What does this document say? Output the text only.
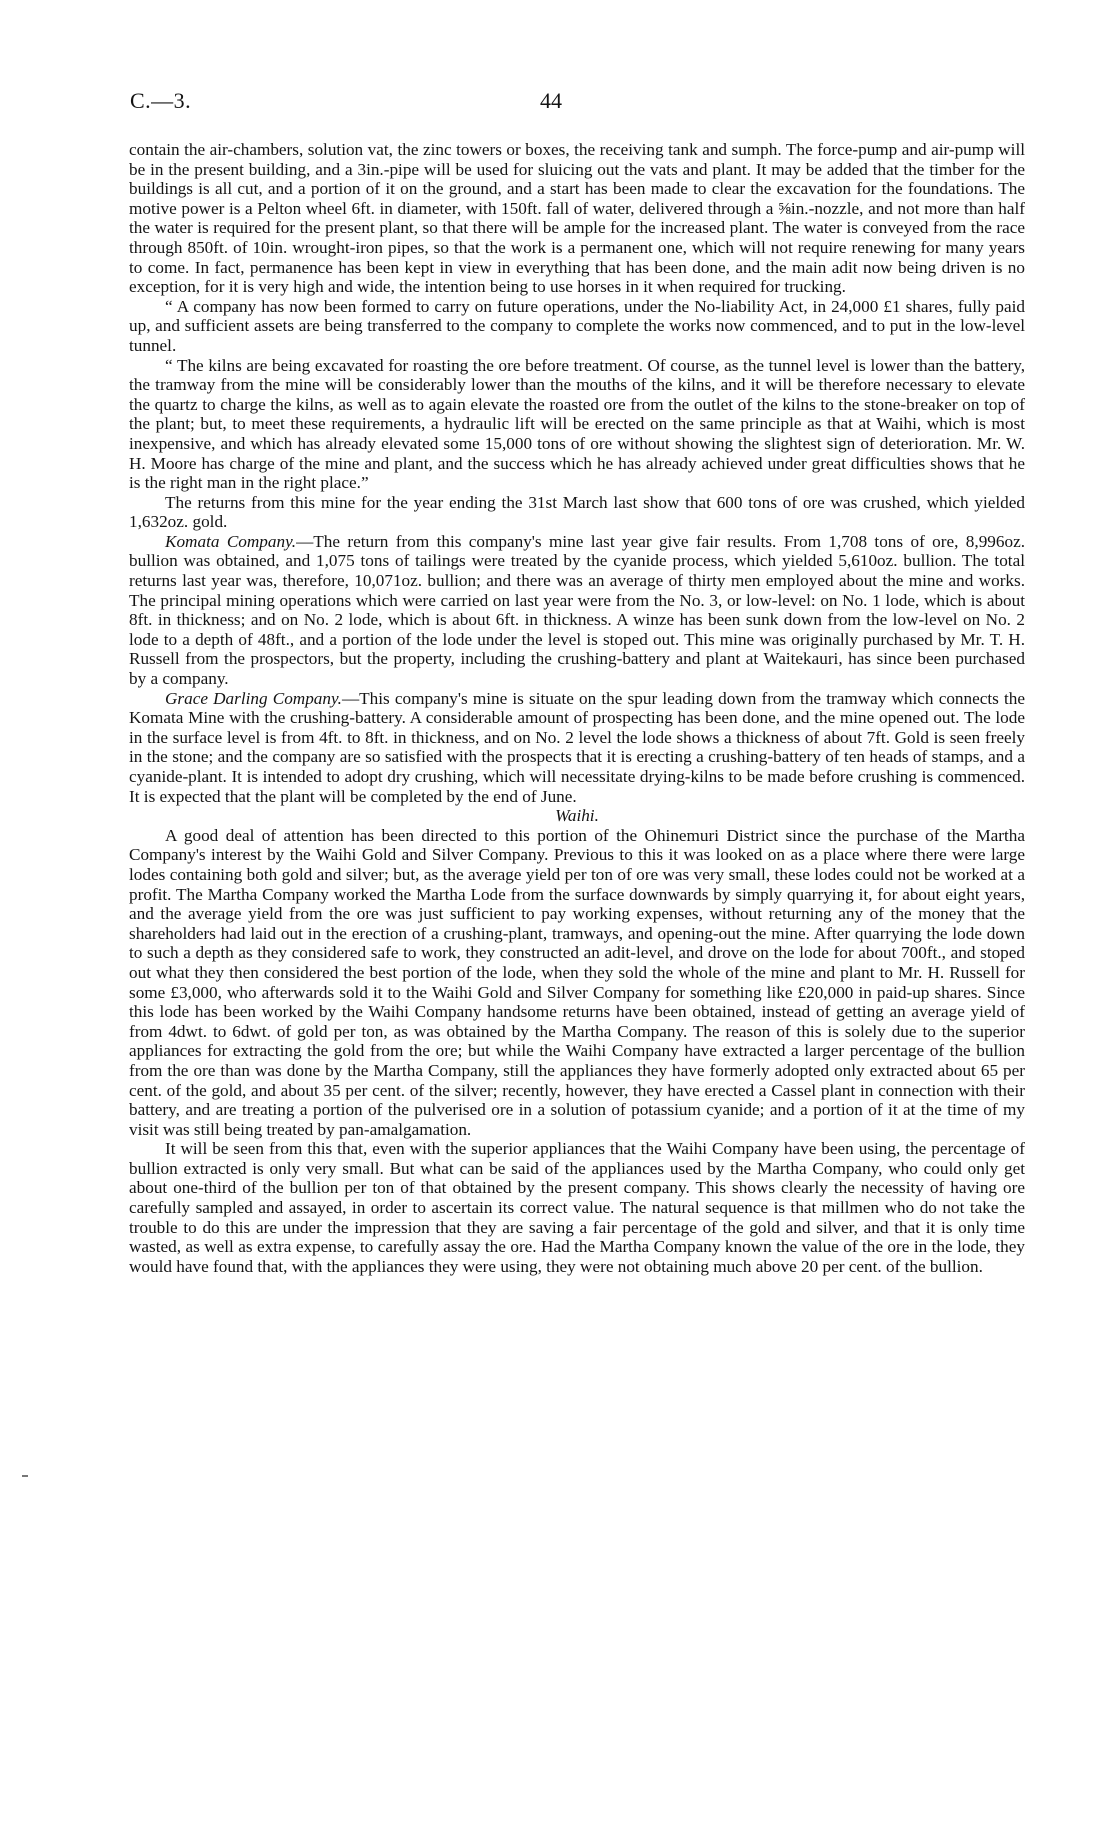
C.—3.	44

contain the air-chambers, solution vat, the zinc towers or boxes, the receiving tank and sumph. The force-pump and air-pump will be in the present building, and a 3in.-pipe will be used for sluicing out the vats and plant. It may be added that the timber for the buildings is all cut, and a portion of it on the ground, and a start has been made to clear the excavation for the foundations. The motive power is a Pelton wheel 6ft. in diameter, with 150ft. fall of water, delivered through a ⅝in.-nozzle, and not more than half the water is required for the present plant, so that there will be ample for the increased plant. The water is conveyed from the race through 850ft. of 10in. wrought-iron pipes, so that the work is a permanent one, which will not require renewing for many years to come. In fact, permanence has been kept in view in everything that has been done, and the main adit now being driven is no exception, for it is very high and wide, the intention being to use horses in it when required for trucking.

“ A company has now been formed to carry on future operations, under the No-liability Act, in 24,000 £1 shares, fully paid up, and sufficient assets are being transferred to the company to complete the works now commenced, and to put in the low-level tunnel.

“ The kilns are being excavated for roasting the ore before treatment. Of course, as the tunnel level is lower than the battery, the tramway from the mine will be considerably lower than the mouths of the kilns, and it will be therefore necessary to elevate the quartz to charge the kilns, as well as to again elevate the roasted ore from the outlet of the kilns to the stone-breaker on top of the plant; but, to meet these requirements, a hydraulic lift will be erected on the same principle as that at Waihi, which is most inexpensive, and which has already elevated some 15,000 tons of ore without showing the slightest sign of deterioration. Mr. W. H. Moore has charge of the mine and plant, and the success which he has already achieved under great difficulties shows that he is the right man in the right place.”

The returns from this mine for the year ending the 31st March last show that 600 tons of ore was crushed, which yielded 1,632oz. gold.

Komata Company.—The return from this company's mine last year give fair results. From 1,708 tons of ore, 8,996oz. bullion was obtained, and 1,075 tons of tailings were treated by the cyanide process, which yielded 5,610oz. bullion. The total returns last year was, therefore, 10,071oz. bullion; and there was an average of thirty men employed about the mine and works. The principal mining operations which were carried on last year were from the No. 3, or low-level: on No. 1 lode, which is about 8ft. in thickness; and on No. 2 lode, which is about 6ft. in thickness. A winze has been sunk down from the low-level on No. 2 lode to a depth of 48ft., and a portion of the lode under the level is stoped out. This mine was originally purchased by Mr. T. H. Russell from the prospectors, but the property, including the crushing-battery and plant at Waitekauri, has since been purchased by a company.

Grace Darling Company.—This company's mine is situate on the spur leading down from the tramway which connects the Komata Mine with the crushing-battery. A considerable amount of prospecting has been done, and the mine opened out. The lode in the surface level is from 4ft. to 8ft. in thickness, and on No. 2 level the lode shows a thickness of about 7ft. Gold is seen freely in the stone; and the company are so satisfied with the prospects that it is erecting a crushing-battery of ten heads of stamps, and a cyanide-plant. It is intended to adopt dry crushing, which will necessitate drying-kilns to be made before crushing is commenced. It is expected that the plant will be completed by the end of June.

Waihi.

A good deal of attention has been directed to this portion of the Ohinemuri District since the purchase of the Martha Company's interest by the Waihi Gold and Silver Company. Previous to this it was looked on as a place where there were large lodes containing both gold and silver; but, as the average yield per ton of ore was very small, these lodes could not be worked at a profit. The Martha Company worked the Martha Lode from the surface downwards by simply quarrying it, for about eight years, and the average yield from the ore was just sufficient to pay working expenses, without returning any of the money that the shareholders had laid out in the erection of a crushing-plant, tramways, and opening-out the mine. After quarrying the lode down to such a depth as they considered safe to work, they constructed an adit-level, and drove on the lode for about 700ft., and stoped out what they then considered the best portion of the lode, when they sold the whole of the mine and plant to Mr. H. Russell for some £3,000, who afterwards sold it to the Waihi Gold and Silver Company for something like £20,000 in paid-up shares. Since this lode has been worked by the Waihi Company handsome returns have been obtained, instead of getting an average yield of from 4dwt. to 6dwt. of gold per ton, as was obtained by the Martha Company. The reason of this is solely due to the superior appliances for extracting the gold from the ore; but while the Waihi Company have extracted a larger percentage of the bullion from the ore than was done by the Martha Company, still the appliances they have formerly adopted only extracted about 65 per cent. of the gold, and about 35 per cent. of the silver; recently, however, they have erected a Cassel plant in connection with their battery, and are treating a portion of the pulverised ore in a solution of potassium cyanide; and a portion of it at the time of my visit was still being treated by pan-amalgamation.

It will be seen from this that, even with the superior appliances that the Waihi Company have been using, the percentage of bullion extracted is only very small. But what can be said of the appliances used by the Martha Company, who could only get about one-third of the bullion per ton of that obtained by the present company. This shows clearly the necessity of having ore carefully sampled and assayed, in order to ascertain its correct value. The natural sequence is that millmen who do not take the trouble to do this are under the impression that they are saving a fair percentage of the gold and silver, and that it is only time wasted, as well as extra expense, to carefully assay the ore. Had the Martha Company known the value of the ore in the lode, they would have found that, with the appliances they were using, they were not obtaining much above 20 per cent. of the bullion.
